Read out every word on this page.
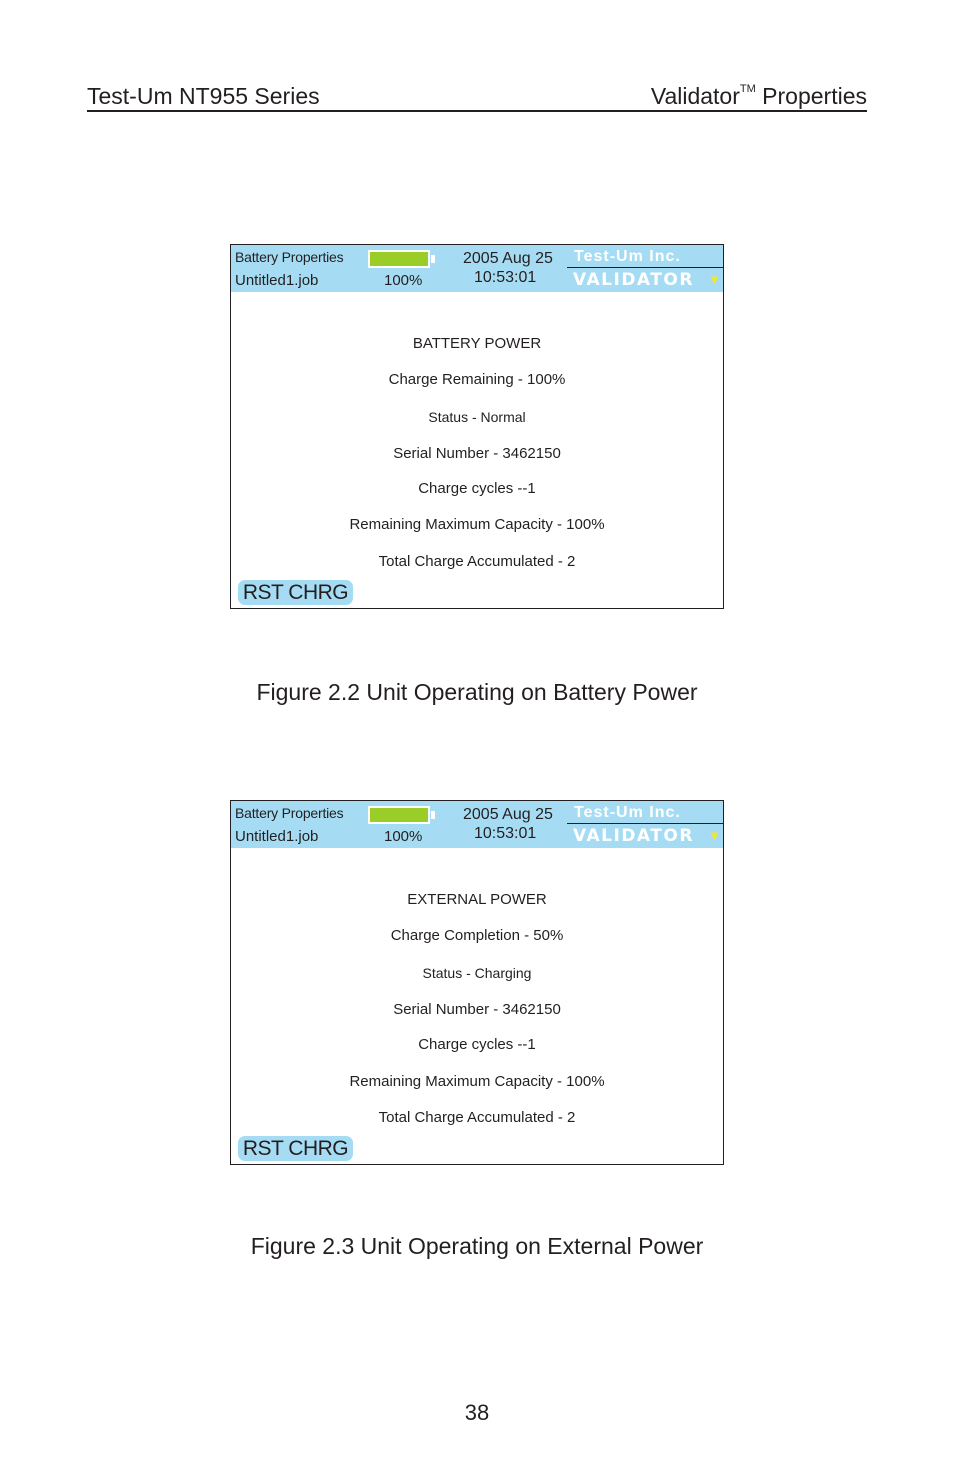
Test-Um NT955 Series	Validator™ Properties
Battery Properties
Untitled1.job	100%
2005 Aug 25
10:53:01
Test-Um Inc.
VALIDATOR ▼
BATTERY POWER
Charge Remaining - 100%
Status - Normal
Serial Number - 3462150
Charge cycles --1
Remaining Maximum Capacity - 100%
Total Charge Accumulated - 2
RST CHRG
Figure 2.2 Unit Operating on Battery Power
Battery Properties
Untitled1.job	100%
2005 Aug 25
10:53:01
Test-Um Inc.
VALIDATOR ▼
EXTERNAL POWER
Charge Completion - 50%
Status - Charging
Serial Number - 3462150
Charge cycles --1
Remaining Maximum Capacity - 100%
Total Charge Accumulated - 2
RST CHRG
Figure 2.3 Unit Operating on External Power
38
